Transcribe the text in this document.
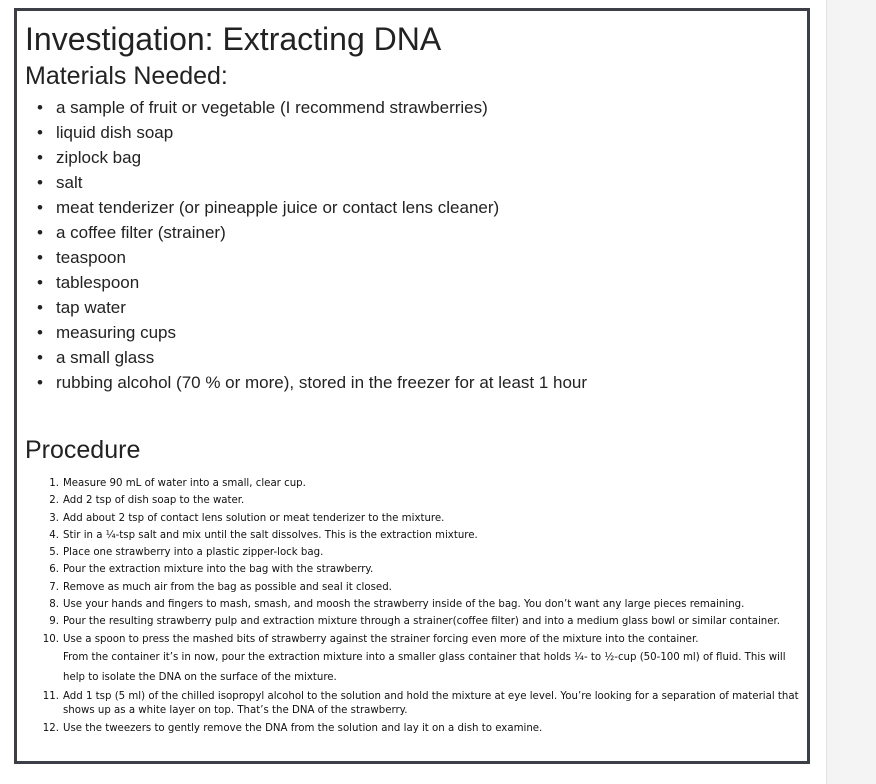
Investigation: Extracting DNA
Materials Needed:
• a sample of fruit or vegetable (I recommend strawberries)
• liquid dish soap
• ziplock bag
• salt
• meat tenderizer (or pineapple juice or contact lens cleaner)
• a coffee filter (strainer)
• teaspoon
• tablespoon
• tap water
• measuring cups
• a small glass
• rubbing alcohol (70 % or more), stored in the freezer for at least 1 hour
Procedure
1. Measure 90 mL of water into a small, clear cup.
2. Add 2 tsp of dish soap to the water.
3. Add about 2 tsp of contact lens solution or meat tenderizer to the mixture.
4. Stir in a ¼-tsp salt and mix until the salt dissolves. This is the extraction mixture.
5. Place one strawberry into a plastic zipper-lock bag.
6. Pour the extraction mixture into the bag with the strawberry.
7. Remove as much air from the bag as possible and seal it closed.
8. Use your hands and fingers to mash, smash, and moosh the strawberry inside of the bag. You don’t want any large pieces remaining.
9. Pour the resulting strawberry pulp and extraction mixture through a strainer(coffee filter) and into a medium glass bowl or similar container.
10. Use a spoon to press the mashed bits of strawberry against the strainer forcing even more of the mixture into the container.
From the container it’s in now, pour the extraction mixture into a smaller glass container that holds ¼- to ½-cup (50-100 ml) of fluid. This will help to isolate the DNA on the surface of the mixture.
11. Add 1 tsp (5 ml) of the chilled isopropyl alcohol to the solution and hold the mixture at eye level. You’re looking for a separation of material that shows up as a white layer on top. That’s the DNA of the strawberry.
12. Use the tweezers to gently remove the DNA from the solution and lay it on a dish to examine.
